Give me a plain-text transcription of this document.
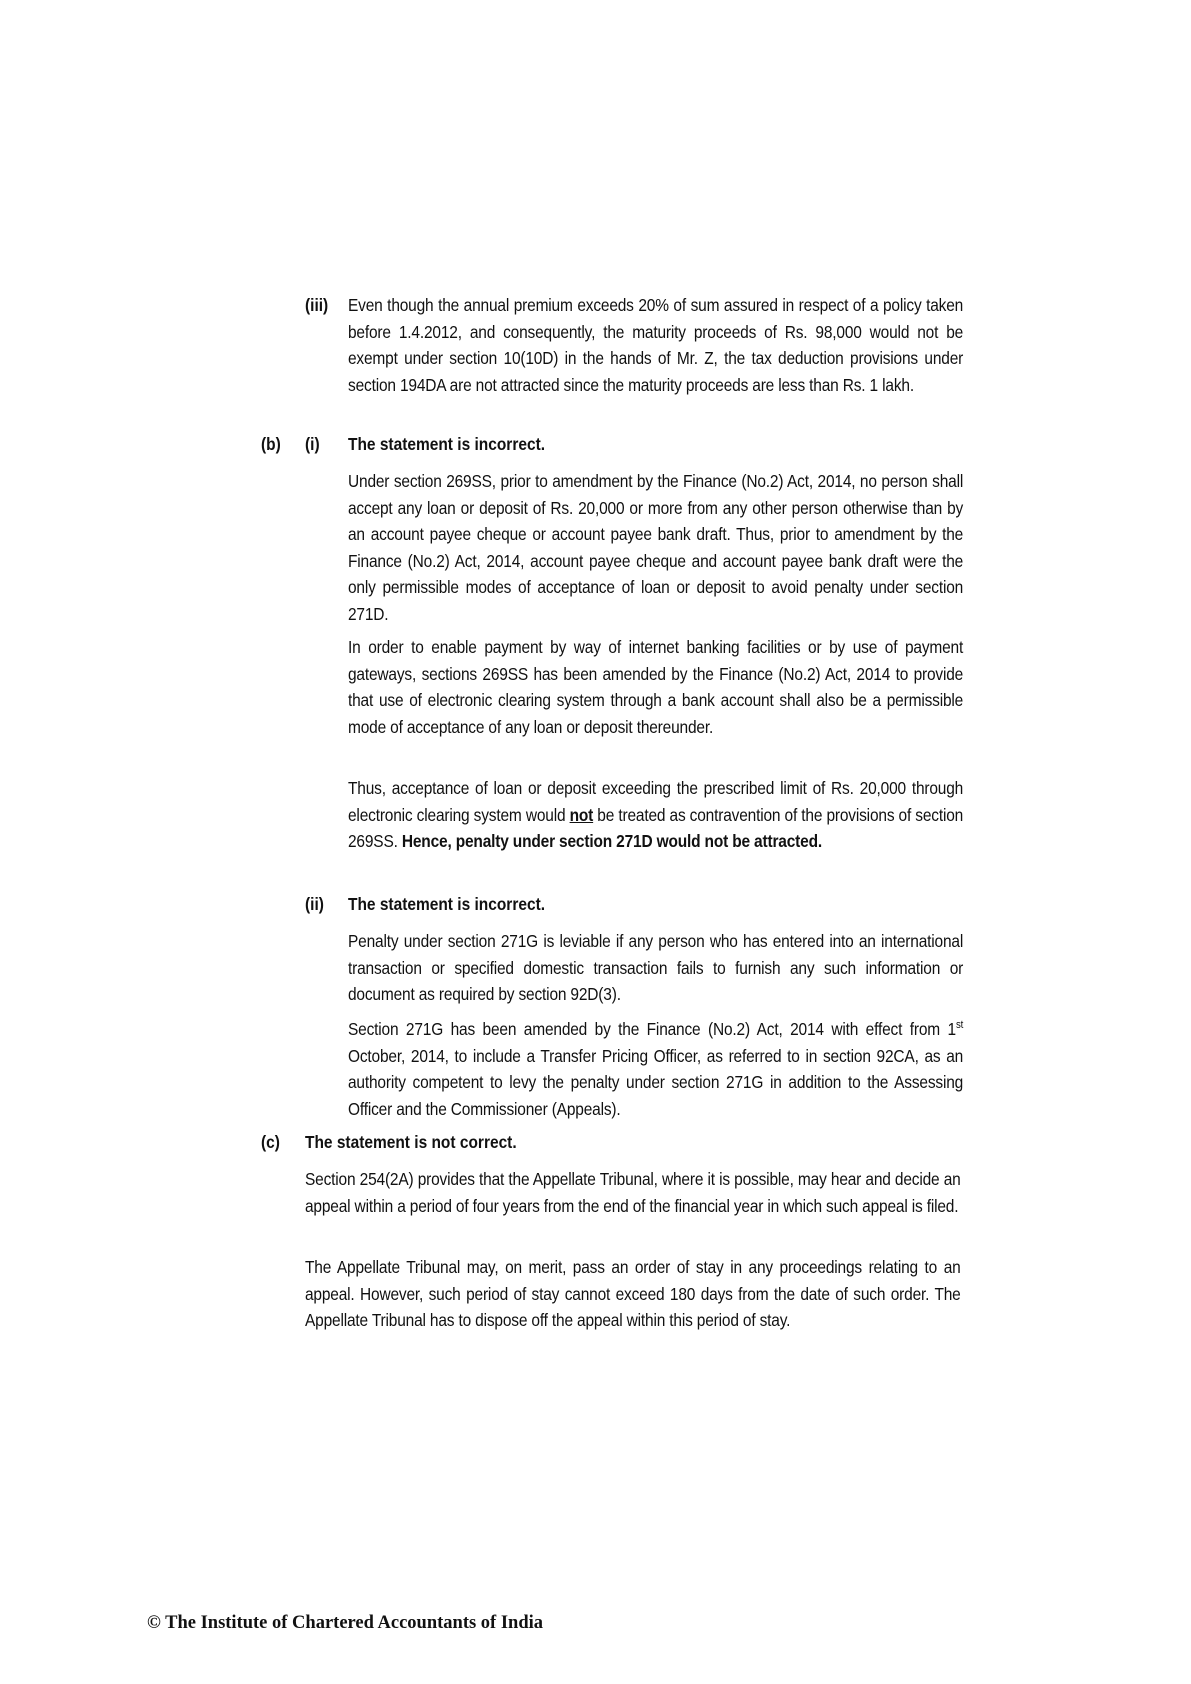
(iii) Even though the annual premium exceeds 20% of sum assured in respect of a policy taken before 1.4.2012, and consequently, the maturity proceeds of Rs. 98,000 would not be exempt under section 10(10D) in the hands of Mr. Z, the tax deduction provisions under section 194DA are not attracted since the maturity proceeds are less than Rs. 1 lakh.

(b) (i) The statement is incorrect.

Under section 269SS, prior to amendment by the Finance (No.2) Act, 2014, no person shall accept any loan or deposit of Rs. 20,000 or more from any other person otherwise than by an account payee cheque or account payee bank draft. Thus, prior to amendment by the Finance (No.2) Act, 2014, account payee cheque and account payee bank draft were the only permissible modes of acceptance of loan or deposit to avoid penalty under section 271D.

In order to enable payment by way of internet banking facilities or by use of payment gateways, sections 269SS has been amended by the Finance (No.2) Act, 2014 to provide that use of electronic clearing system through a bank account shall also be a permissible mode of acceptance of any loan or deposit thereunder.

Thus, acceptance of loan or deposit exceeding the prescribed limit of Rs. 20,000 through electronic clearing system would not be treated as contravention of the provisions of section 269SS. Hence, penalty under section 271D would not be attracted.

(ii) The statement is incorrect.

Penalty under section 271G is leviable if any person who has entered into an international transaction or specified domestic transaction fails to furnish any such information or document as required by section 92D(3).

Section 271G has been amended by the Finance (No.2) Act, 2014 with effect from 1st October, 2014, to include a Transfer Pricing Officer, as referred to in section 92CA, as an authority competent to levy the penalty under section 271G in addition to the Assessing Officer and the Commissioner (Appeals).

(c) The statement is not correct.

Section 254(2A) provides that the Appellate Tribunal, where it is possible, may hear and decide an appeal within a period of four years from the end of the financial year in which such appeal is filed.

The Appellate Tribunal may, on merit, pass an order of stay in any proceedings relating to an appeal. However, such period of stay cannot exceed 180 days from the date of such order. The Appellate Tribunal has to dispose off the appeal within this period of stay.

© The Institute of Chartered Accountants of India
